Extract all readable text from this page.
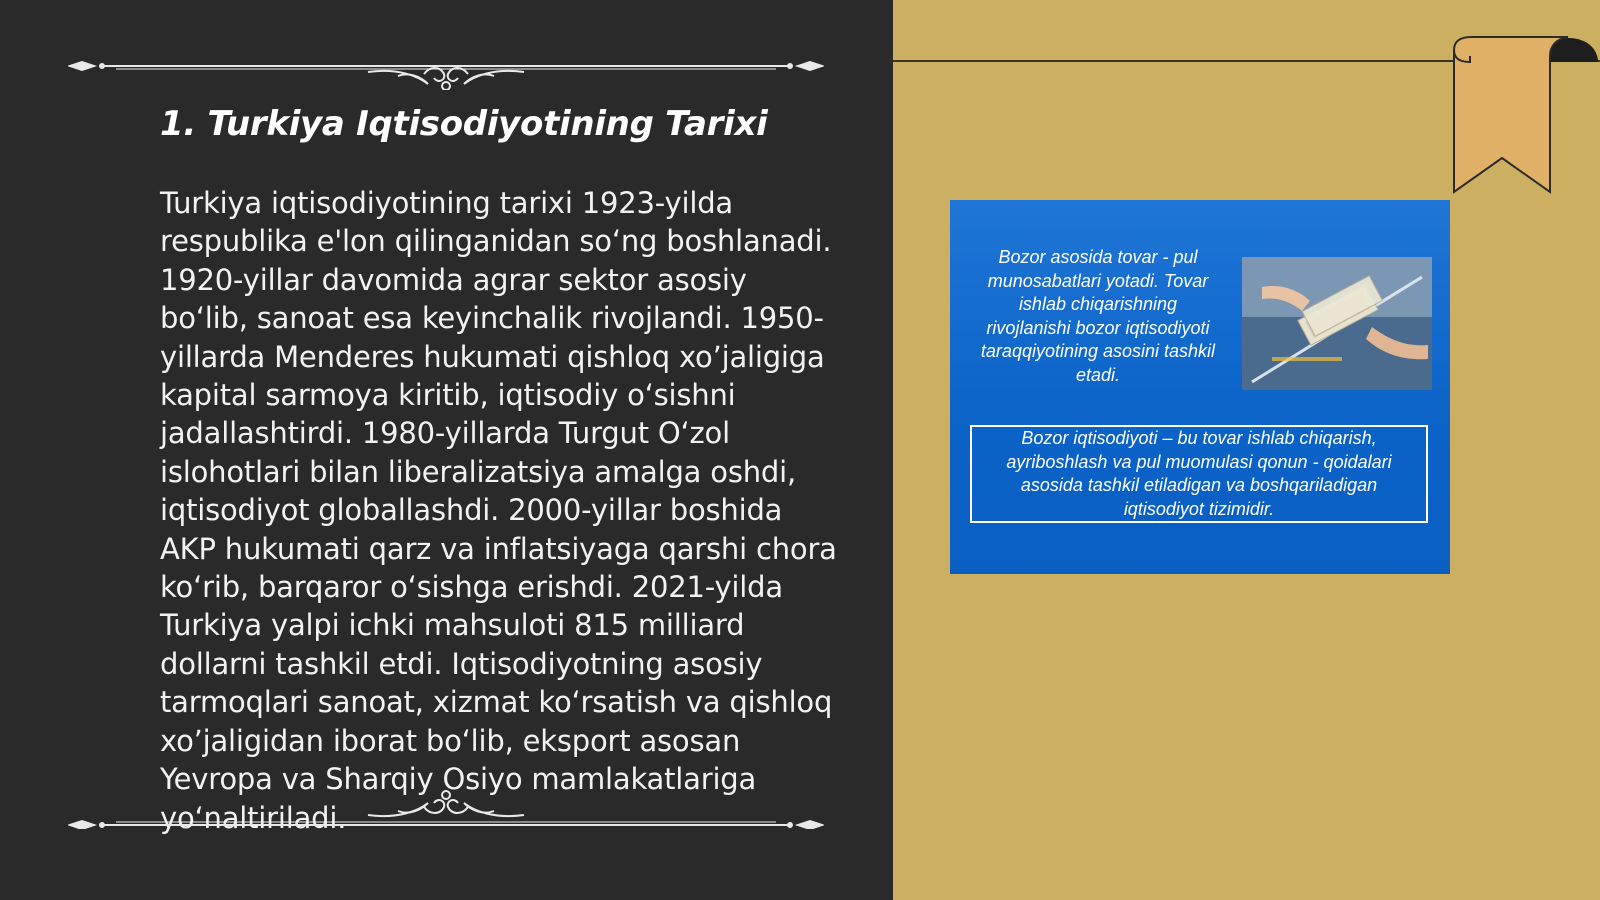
1. Turkiya Iqtisodiyotining Tarixi

Turkiya iqtisodiyotining tarixi 1923-yilda respublika e'lon qilinganidan so‘ng boshlanadi. 1920-yillar davomida agrar sektor asosiy bo‘lib, sanoat esa keyinchalik rivojlandi. 1950-yillarda Menderes hukumati qishloq xo’jaligiga kapital sarmoya kiritib, iqtisodiy o‘sishni jadallashtirdi. 1980-yillarda Turgut O‘zol islohotlari bilan liberalizatsiya amalga oshdi, iqtisodiyot globallashdi. 2000-yillar boshida AKP hukumati qarz va inflatsiyaga qarshi chora ko‘rib, barqaror o‘sishga erishdi. 2021-yilda Turkiya yalpi ichki mahsuloti 815 milliard dollarni tashkil etdi. Iqtisodiyotning asosiy tarmoqlari sanoat, xizmat ko‘rsatish va qishloq xo’jaligidan iborat bo‘lib, eksport asosan Yevropa va Sharqiy Osiyo mamlakatlariga yo‘naltiriladi.

Bozor asosida tovar - pul munosabatlari yotadi. Tovar ishlab chiqarishning rivojlanishi bozor iqtisodiyoti taraqqiyotining asosini tashkil etadi.

Bozor iqtisodiyoti – bu tovar ishlab chiqarish, ayriboshlash va pul muomulasi qonun - qoidalari asosida tashkil etiladigan va boshqariladigan iqtisodiyot tizimidir.
